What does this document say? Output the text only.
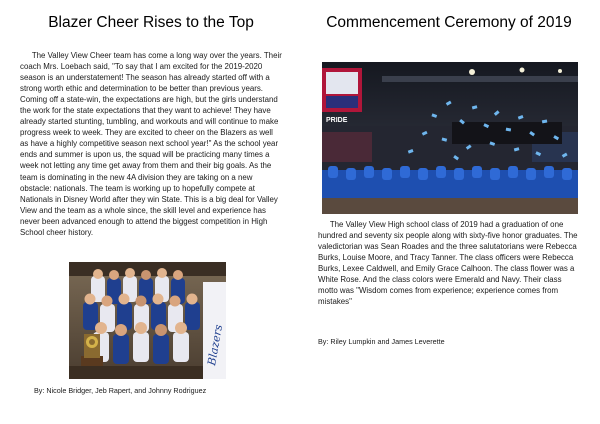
Blazer Cheer Rises to the Top

  The Valley View Cheer team has come a long way over the years. Their coach Mrs. Loebach said, "To say that I am excited for the 2019-2020 season is an understatement! The season has already started off with a strong worth ethic and determination to be better than previous years. Coming off a state-win, the expectations are high, but the girls understand the work for the state expectations that they want to achieve! They have already started stunting, tumbling, and workouts and will continue to make progress week to week. They are excited to cheer on the Blazers as well as have a highly competitive season next school year!" As the school year ends and summer is upon us, the squad will be practicing many times a week not letting any time get away from them and their big goals. As the team is dominating in the new 4A division they are taking on a new obstacle: nationals. The team is working up to hopefully compete at Nationals in Disney World after they win State. This is a big deal for Valley View and the team as a whole since, the skill level and experience has never been advanced enough to attend the biggest competition in High School cheer history.

Blazers

By: Nicole Bridger, Jeb Rapert, and Johnny Rodriguez

Commencement Ceremony of 2019
PRIDE

  The Valley View High school class of 2019 had a graduation of one hundred and seventy six people along with sixty-five honor graduates. The valedictorian was Sean Roades and the three salutatorians were Rebecca Burks, Louise Moore, and Tracy Tanner. The class officers were Rebecca Burks, Lexee Caldwell, and Emily Grace Calhoon. The class flower was a White Rose. And the class colors were Emerald and Navy. Their class motto was "Wisdom comes from experience; experience comes from mistakes"

By: Riley Lumpkin and James Leverette
